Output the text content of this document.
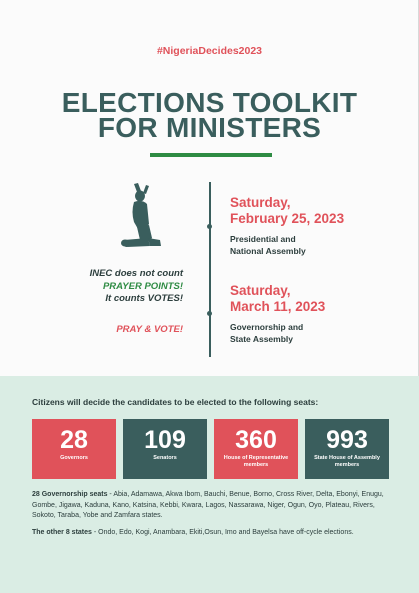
#NigeriaDecides2023
ELECTIONS TOOLKIT
FOR MINISTERS
INEC does not count
PRAYER POINTS!
It counts VOTES!
PRAY & VOTE!
Saturday,
February 25, 2023
Presidential and
National Assembly
Saturday,
March 11, 2023
Governorship and
State Assembly
Citizens will decide the candidates to be elected to the following seats:
28
Governors
109
Senators
360
House of Representative members
993
State House of Assembly members
28 Governorship seats - Abia, Adamawa, Akwa Ibom, Bauchi, Benue, Borno, Cross River, Delta, Ebonyi, Enugu, Gombe, Jigawa, Kaduna, Kano, Katsina, Kebbi, Kwara, Lagos, Nassarawa, Niger, Ogun, Oyo, Plateau, Rivers, Sokoto, Taraba, Yobe and Zamfara states.
The other 8 states - Ondo, Edo, Kogi, Anambara, Ekiti,Osun, Imo and Bayelsa have off-cycle elections.
